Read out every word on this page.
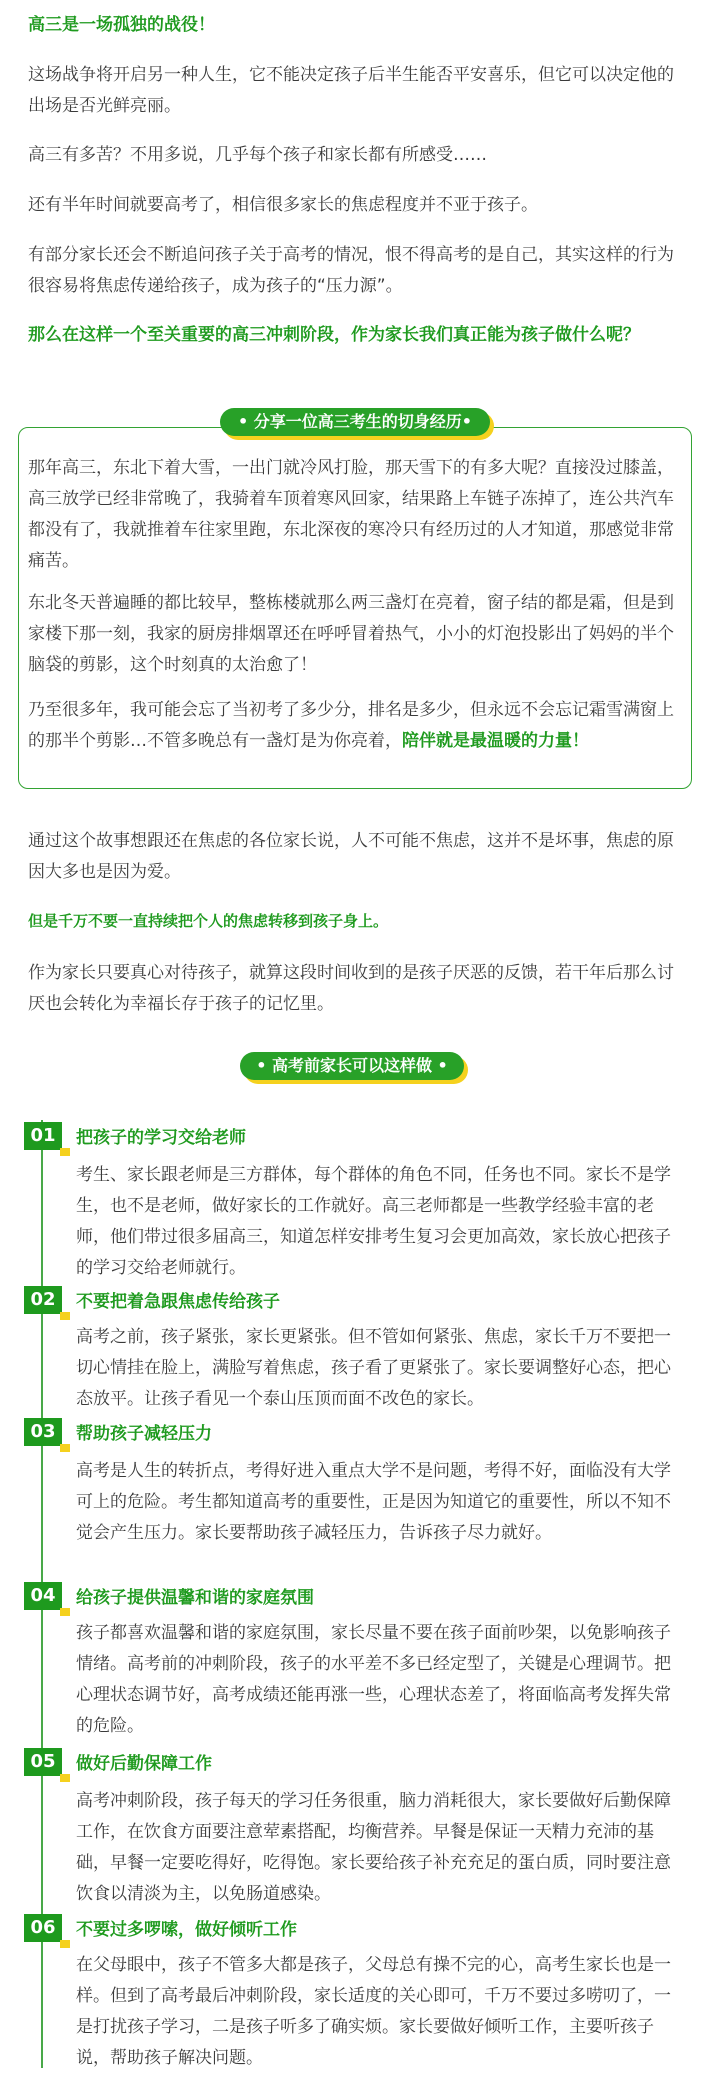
高三是一场孤独的战役！

这场战争将开启另一种人生，它不能决定孩子后半生能否平安喜乐，但它可以决定他的出场是否光鲜亮丽。

高三有多苦？不用多说，几乎每个孩子和家长都有所感受……

还有半年时间就要高考了，相信很多家长的焦虑程度并不亚于孩子。

有部分家长还会不断追问孩子关于高考的情况，恨不得高考的是自己，其实这样的行为很容易将焦虑传递给孩子，成为孩子的“压力源”。

那么在这样一个至关重要的高三冲刺阶段，作为家长我们真正能为孩子做什么呢？

• 分享一位高三考生的切身经历•

那年高三，东北下着大雪，一出门就冷风打脸，那天雪下的有多大呢？直接没过膝盖，高三放学已经非常晚了，我骑着车顶着寒风回家，结果路上车链子冻掉了，连公共汽车都没有了，我就推着车往家里跑，东北深夜的寒冷只有经历过的人才知道，那感觉非常痛苦。

东北冬天普遍睡的都比较早，整栋楼就那么两三盏灯在亮着，窗子结的都是霜，但是到家楼下那一刻，我家的厨房排烟罩还在呼呼冒着热气，小小的灯泡投影出了妈妈的半个脑袋的剪影，这个时刻真的太治愈了！

乃至很多年，我可能会忘了当初考了多少分，排名是多少，但永远不会忘记霜雪满窗上的那半个剪影…不管多晚总有一盏灯是为你亮着，陪伴就是最温暖的力量！

通过这个故事想跟还在焦虑的各位家长说，人不可能不焦虑，这并不是坏事，焦虑的原因大多也是因为爱。

但是千万不要一直持续把个人的焦虑转移到孩子身上。

作为家长只要真心对待孩子，就算这段时间收到的是孩子厌恶的反馈，若干年后那么讨厌也会转化为幸福长存于孩子的记忆里。

• 高考前家长可以这样做 •
01	把孩子的学习交给老师

考生、家长跟老师是三方群体，每个群体的角色不同，任务也不同。家长不是学生，也不是老师，做好家长的工作就好。高三老师都是一些教学经验丰富的老师，他们带过很多届高三，知道怎样安排考生复习会更加高效，家长放心把孩子的学习交给老师就行。

02	不要把着急跟焦虑传给孩子

高考之前，孩子紧张，家长更紧张。但不管如何紧张、焦虑，家长千万不要把一切心情挂在脸上，满脸写着焦虑，孩子看了更紧张了。家长要调整好心态，把心态放平。让孩子看见一个泰山压顶而面不改色的家长。

03	帮助孩子减轻压力

高考是人生的转折点，考得好进入重点大学不是问题，考得不好，面临没有大学可上的危险。考生都知道高考的重要性，正是因为知道它的重要性，所以不知不觉会产生压力。家长要帮助孩子减轻压力，告诉孩子尽力就好。

04	给孩子提供温馨和谐的家庭氛围

孩子都喜欢温馨和谐的家庭氛围，家长尽量不要在孩子面前吵架，以免影响孩子情绪。高考前的冲刺阶段，孩子的水平差不多已经定型了，关键是心理调节。把心理状态调节好，高考成绩还能再涨一些，心理状态差了，将面临高考发挥失常的危险。

05	做好后勤保障工作

高考冲刺阶段，孩子每天的学习任务很重，脑力消耗很大，家长要做好后勤保障工作，在饮食方面要注意荤素搭配，均衡营养。早餐是保证一天精力充沛的基础，早餐一定要吃得好，吃得饱。家长要给孩子补充充足的蛋白质，同时要注意饮食以清淡为主，以免肠道感染。

06	不要过多啰嗦，做好倾听工作

在父母眼中，孩子不管多大都是孩子，父母总有操不完的心，高考生家长也是一样。但到了高考最后冲刺阶段，家长适度的关心即可，千万不要过多唠叨了，一是打扰孩子学习，二是孩子听多了确实烦。家长要做好倾听工作，主要听孩子说，帮助孩子解决问题。
